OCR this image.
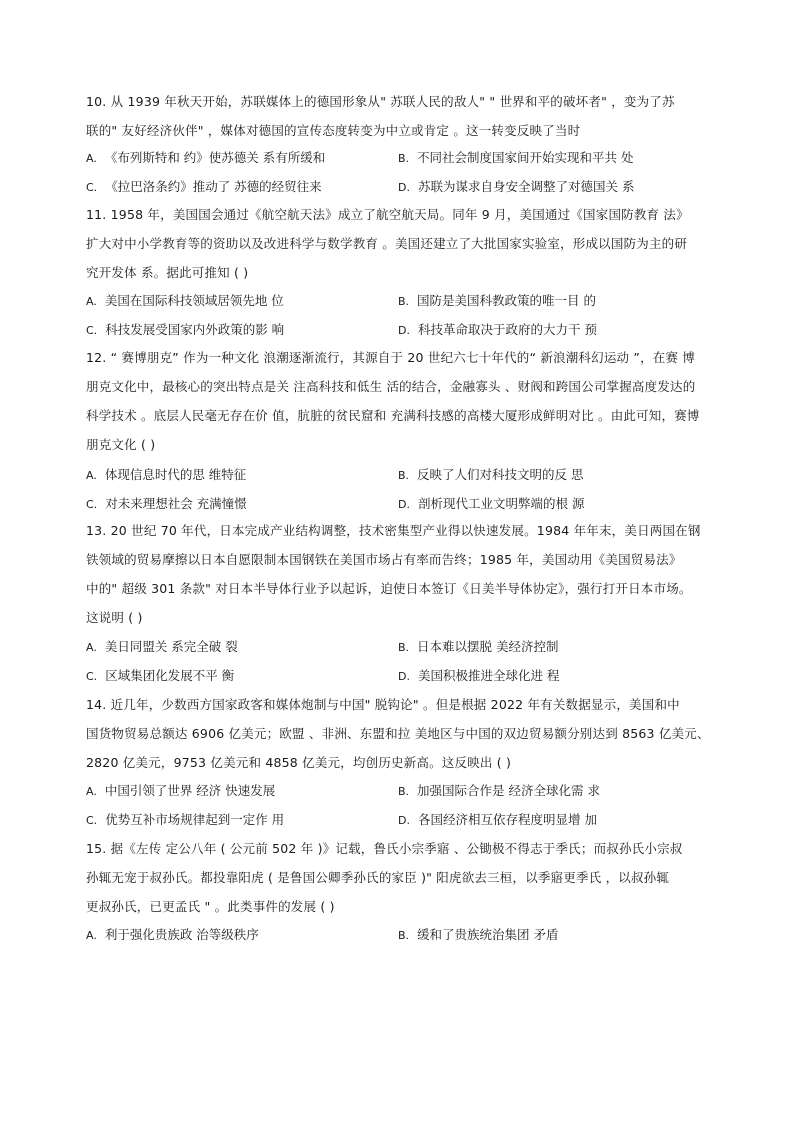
10. 从 1939 年秋天开始，苏联媒体上的德国形象从" 苏联人民的敌人" " 世界和平的破坏者" ，变为了苏

联的" 友好经济伙伴" ，媒体对德国的宣传态度转变为中立或肯定 。这一转变反映了当时

A. 《布列斯特和 约》使苏德关 系有所缓和	B. 不同社会制度国家间开始实现和平共 处
C. 《拉巴洛条约》推动了 苏德的经贸往来	D. 苏联为谋求自身安全调整了对德国关 系

11. 1958 年，美国国会通过《航空航天法》成立了航空航天局。同年 9 月，美国通过《国家国防教育 法》

扩大对中小学教育等的资助以及改进科学与数学教育 。美国还建立了大批国家实验室，形成以国防为主的研

究开发体 系。据此可推知 ( )

A. 美国在国际科技领域居领先地 位	B. 国防是美国科教政策的唯一目 的
C. 科技发展受国家内外政策的影 响	D. 科技革命取决于政府的大力干 预

12. “ 赛博朋克” 作为一种文化 浪潮逐渐流行，其源自于 20 世纪六七十年代的“ 新浪潮科幻运动 ”，在赛 博

朋克文化中，最核心的突出特点是关 注高科技和低生 活的结合，金融寡头 、财阀和跨国公司掌握高度发达的

科学技术 。底层人民毫无存在价 值，肮脏的贫民窟和 充满科技感的高楼大厦形成鲜明对比 。由此可知，赛博

朋克文化 ( )

A. 体现信息时代的思 维特征	B. 反映了人们对科技文明的反 思
C. 对未来理想社会 充满憧憬	D. 剖析现代工业文明弊端的根 源

13. 20 世纪 70 年代，日本完成产业结构调整，技术密集型产业得以快速发展。1984 年年末，美日两国在钢

铁领域的贸易摩擦以日本自愿限制本国钢铁在美国市场占有率而告终；1985 年，美国动用《美国贸易法》

中的" 超级 301 条款" 对日本半导体行业予以起诉，迫使日本签订《日美半导体协定》，强行打开日本市场。

这说明 ( )

A. 美日同盟关 系完全破 裂	B. 日本难以摆脱 美经济控制
C. 区域集团化发展不平 衡	D. 美国积极推进全球化进 程

14. 近几年，少数西方国家政客和媒体炮制与中国" 脱钩论" 。但是根据 2022 年有关数据显示，美国和中

国货物贸易总额达 6906 亿美元；欧盟 、非洲、东盟和拉 美地区与中国的双边贸易额分别达到 8563 亿美元、

2820 亿美元，9753 亿美元和 4858 亿美元，均创历史新高。这反映出 ( )

A. 中国引领了世界 经济 快速发展	B. 加强国际合作是 经济全球化需 求
C. 优势互补市场规律起到一定作 用	D. 各国经济相互依存程度明显增 加

15. 据《左传 定公八年 ( 公元前 502 年 )》记载，鲁氏小宗季寤 、公锄极不得志于季氏；而叔孙氏小宗叔

孙辄无宠于叔孙氏。都投靠阳虎 ( 是鲁国公卿季孙氏的家臣 )" 阳虎欲去三桓，以季寤更季氏 ，以叔孙辄

更叔孙氏，已更孟氏 " 。此类事件的发展 ( )

A. 利于强化贵族政 治等级秩序	B. 缓和了贵族统治集团 矛盾
